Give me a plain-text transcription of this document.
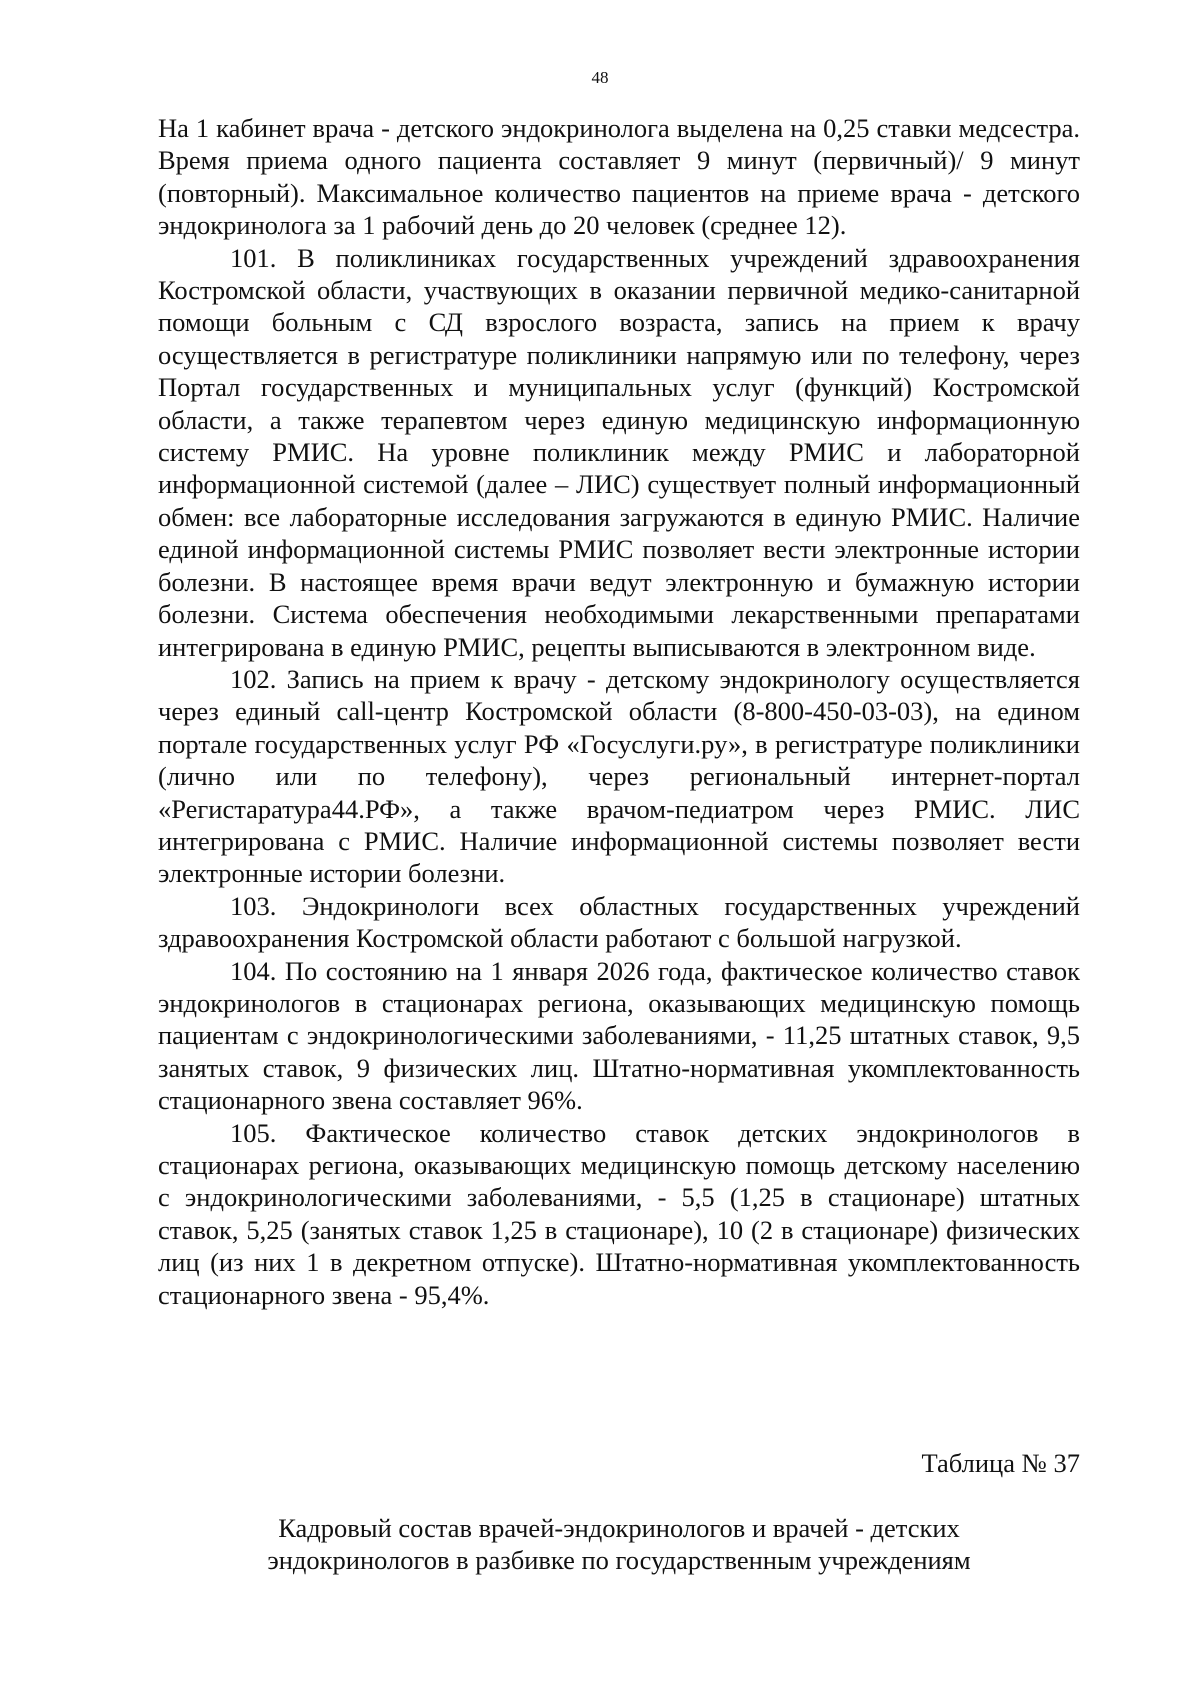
48

На 1 кабинет врача - детского эндокринолога выделена на 0,25 ставки медсестра. Время приема одного пациента составляет 9 минут (первичный)/ 9 минут (повторный). Максимальное количество пациентов на приеме врача - детского эндокринолога за 1 рабочий день до 20 человек (среднее 12).

101. В поликлиниках государственных учреждений здравоохранения Костромской области, участвующих в оказании первичной медико-санитарной помощи больным с СД взрослого возраста, запись на прием к врачу осуществляется в регистратуре поликлиники напрямую или по телефону, через Портал государственных и муниципальных услуг (функций) Костромской области, а также терапевтом через единую медицинскую информационную систему РМИС. На уровне поликлиник между РМИС и лабораторной информационной системой (далее – ЛИС) существует полный информационный обмен: все лабораторные исследования загружаются в единую РМИС. Наличие единой информационной системы РМИС позволяет вести электронные истории болезни. В настоящее время врачи ведут электронную и бумажную истории болезни. Система обеспечения необходимыми лекарственными препаратами интегрирована в единую РМИС, рецепты выписываются в электронном виде.

102. Запись на прием к врачу - детскому эндокринологу осуществляется через единый call-центр Костромской области (8-800-450-03-03), на едином портале государственных услуг РФ «Госуслуги.ру», в регистратуре поликлиники (лично или по телефону), через региональный интернет-портал «Регистаратура44.РФ», а также врачом-педиатром через РМИС. ЛИС интегрирована с РМИС. Наличие информационной системы позволяет вести электронные истории болезни.

103. Эндокринологи всех областных государственных учреждений здравоохранения Костромской области работают с большой нагрузкой.

104. По состоянию на 1 января 2026 года, фактическое количество ставок эндокринологов в стационарах региона, оказывающих медицинскую помощь пациентам с эндокринологическими заболеваниями, - 11,25 штатных ставок, 9,5 занятых ставок, 9 физических лиц. Штатно-нормативная укомплектованность стационарного звена составляет 96%.

105. Фактическое количество ставок детских эндокринологов в стационарах региона, оказывающих медицинскую помощь детскому населению с эндокринологическими заболеваниями, - 5,5 (1,25 в стационаре) штатных ставок, 5,25 (занятых ставок 1,25 в стационаре), 10 (2 в стационаре) физических лиц (из них 1 в декретном отпуске). Штатно-нормативная укомплектованность стационарного звена - 95,4%.

Таблица № 37

Кадровый состав врачей-эндокринологов и врачей - детских
эндокринологов в разбивке по государственным учреждениям
